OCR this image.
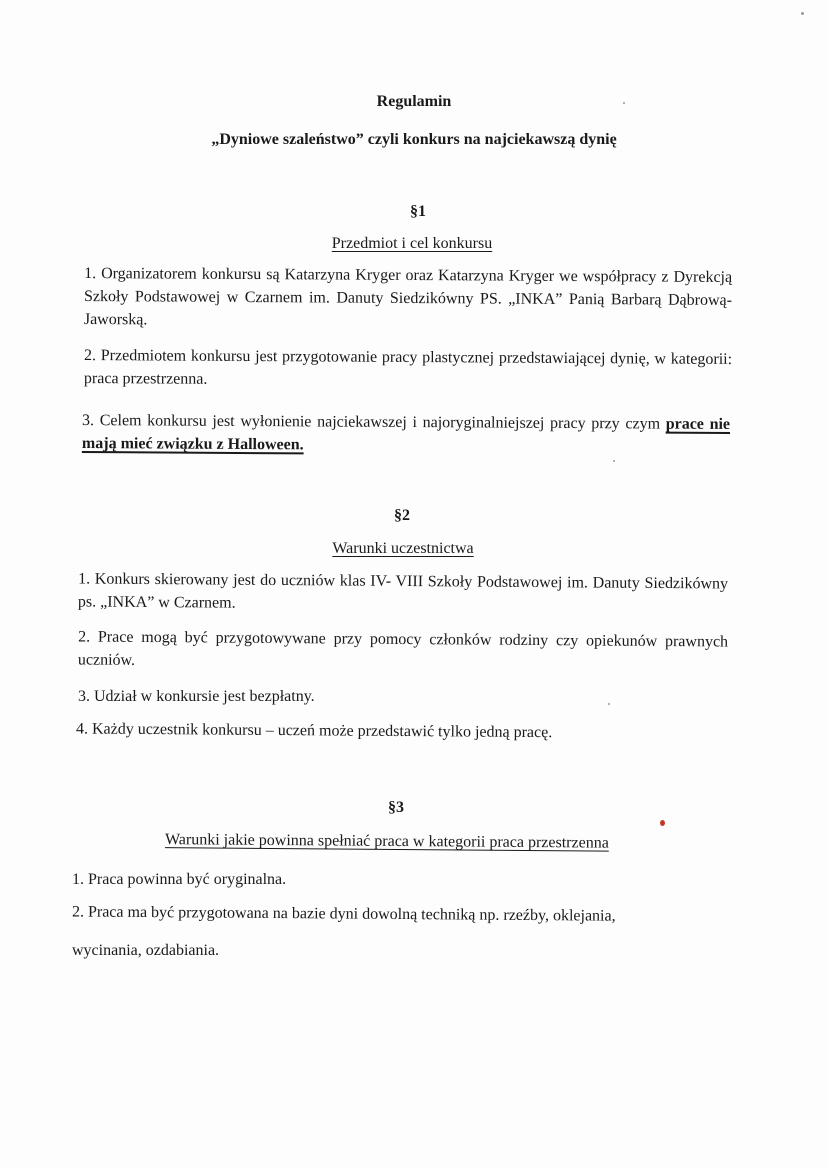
Regulamin
„Dyniowe szaleństwo” czyli konkurs na najciekawszą dynię
§1
Przedmiot i cel konkursu
1. Organizatorem konkursu są Katarzyna Kryger oraz Katarzyna Kryger we współpracy z Dyrekcją Szkoły Podstawowej w Czarnem im. Danuty Siedzikówny PS. „INKA” Panią Barbarą Dąbrową- Jaworską.
2. Przedmiotem konkursu jest przygotowanie pracy plastycznej przedstawiającej dynię, w kategorii: praca przestrzenna.
3. Celem konkursu jest wyłonienie najciekawszej i najoryginalniejszej pracy przy czym prace nie mają mieć związku z Halloween.
§2
Warunki uczestnictwa
1. Konkurs skierowany jest do uczniów klas IV- VIII Szkoły Podstawowej im. Danuty Siedzikówny ps. „INKA” w Czarnem.
2. Prace mogą być przygotowywane przy pomocy członków rodziny czy opiekunów prawnych uczniów.
3. Udział w konkursie jest bezpłatny.
4. Każdy uczestnik konkursu – uczeń może przedstawić tylko jedną pracę.
§3
Warunki jakie powinna spełniać praca w kategorii praca przestrzenna
1. Praca powinna być oryginalna.
2. Praca ma być przygotowana na bazie dyni dowolną techniką np. rzeźby, oklejania,
wycinania, ozdabiania.
